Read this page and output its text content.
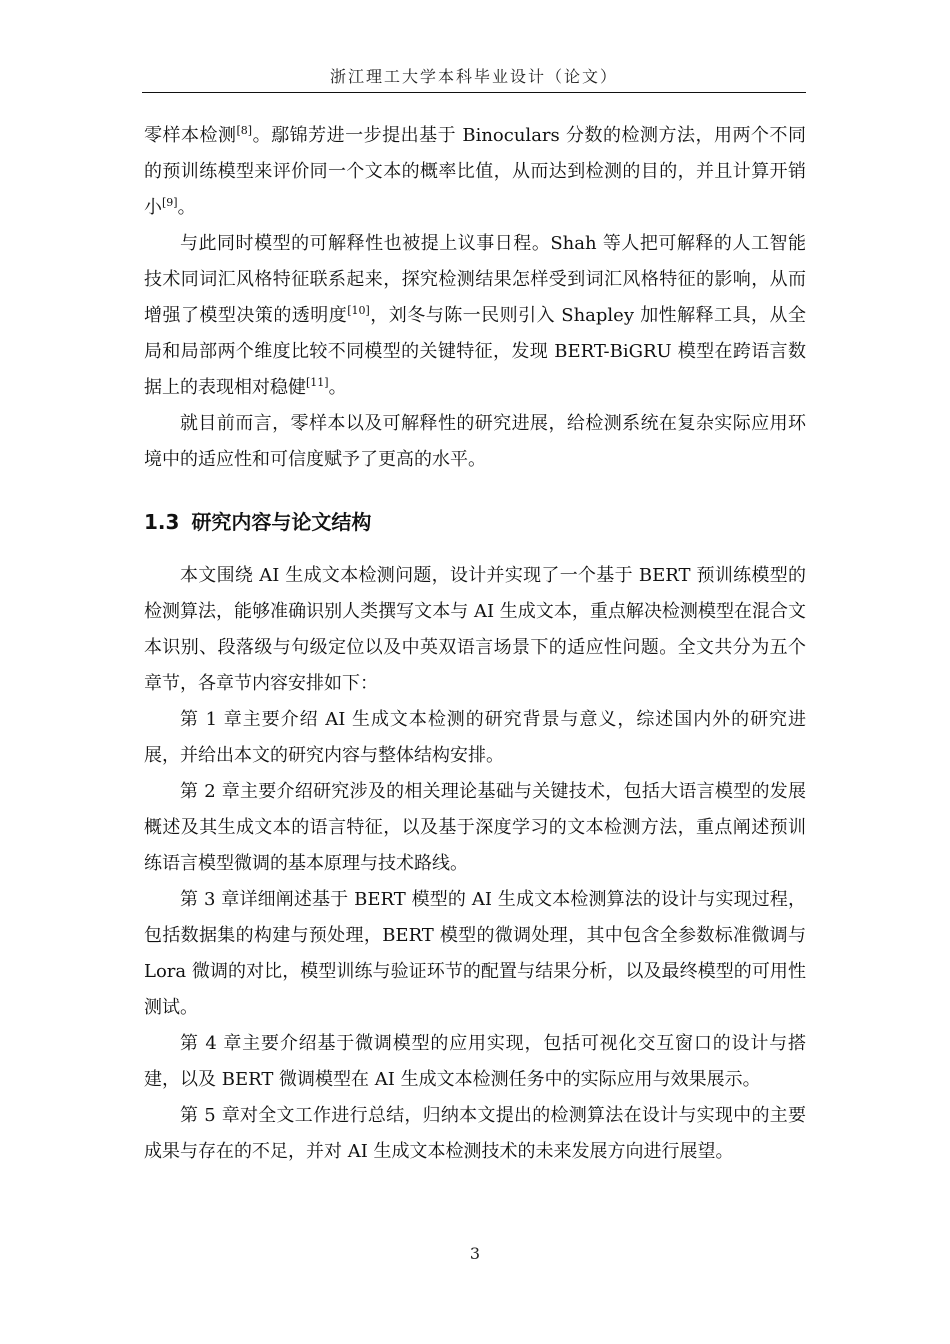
浙江理工大学本科毕业设计（论文）

零样本检测[8]。鄢锦芳进一步提出基于 Binoculars 分数的检测方法，用两个不同的预训练模型来评价同一个文本的概率比值，从而达到检测的目的，并且计算开销小[9]。

与此同时模型的可解释性也被提上议事日程。Shah 等人把可解释的人工智能技术同词汇风格特征联系起来，探究检测结果怎样受到词汇风格特征的影响，从而增强了模型决策的透明度[10]，刘冬与陈一民则引入 Shapley 加性解释工具，从全局和局部两个维度比较不同模型的关键特征，发现 BERT-BiGRU 模型在跨语言数据上的表现相对稳健[11]。

就目前而言，零样本以及可解释性的研究进展，给检测系统在复杂实际应用环境中的适应性和可信度赋予了更高的水平。

1.3 研究内容与论文结构

本文围绕 AI 生成文本检测问题，设计并实现了一个基于 BERT 预训练模型的检测算法，能够准确识别人类撰写文本与 AI 生成文本，重点解决检测模型在混合文本识别、段落级与句级定位以及中英双语言场景下的适应性问题。全文共分为五个章节，各章节内容安排如下：

第 1 章主要介绍 AI 生成文本检测的研究背景与意义，综述国内外的研究进展，并给出本文的研究内容与整体结构安排。

第 2 章主要介绍研究涉及的相关理论基础与关键技术，包括大语言模型的发展概述及其生成文本的语言特征，以及基于深度学习的文本检测方法，重点阐述预训练语言模型微调的基本原理与技术路线。

第 3 章详细阐述基于 BERT 模型的 AI 生成文本检测算法的设计与实现过程，包括数据集的构建与预处理，BERT 模型的微调处理，其中包含全参数标准微调与 Lora 微调的对比，模型训练与验证环节的配置与结果分析，以及最终模型的可用性测试。

第 4 章主要介绍基于微调模型的应用实现，包括可视化交互窗口的设计与搭建，以及 BERT 微调模型在 AI 生成文本检测任务中的实际应用与效果展示。

第 5 章对全文工作进行总结，归纳本文提出的检测算法在设计与实现中的主要成果与存在的不足，并对 AI 生成文本检测技术的未来发展方向进行展望。

3
